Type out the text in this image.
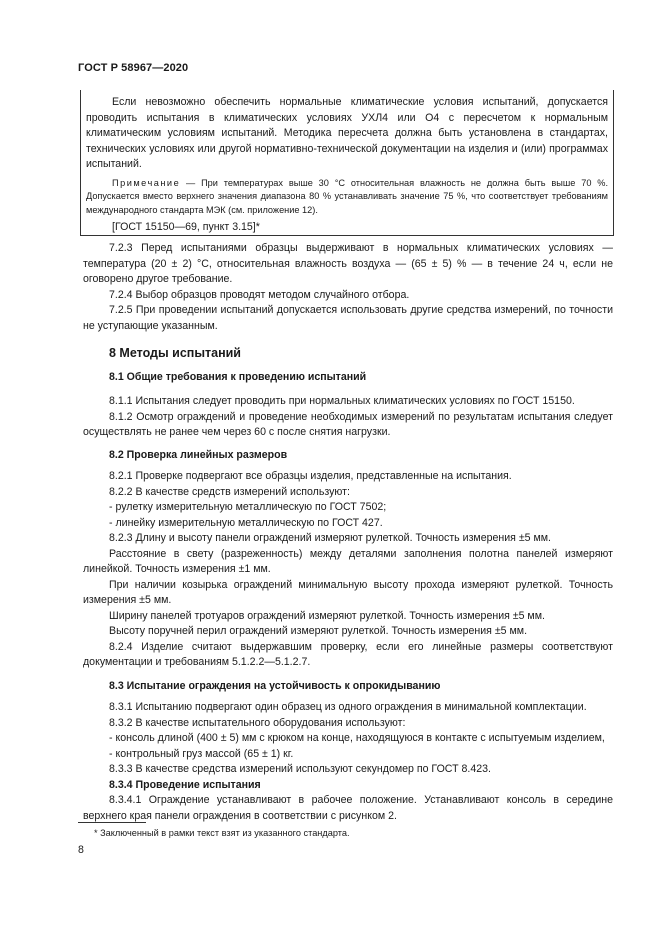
ГОСТ Р 58967—2020

Если невозможно обеспечить нормальные климатические условия испытаний, допускается проводить испытания в климатических условиях УХЛ4 или О4 с пересчетом к нормальным климатическим условиям испытаний. Методика пересчета должна быть установлена в стандартах, технических условиях или другой нормативно-технической документации на изделия и (или) программах испытаний.

Примечание — При температурах выше 30 °С относительная влажность не должна быть выше 70 %. Допускается вместо верхнего значения диапазона 80 % устанавливать значение 75 %, что соответствует требованиям международного стандарта МЭК (см. приложение 12).

[ГОСТ 15150—69, пункт 3.15]*

7.2.3 Перед испытаниями образцы выдерживают в нормальных климатических условиях — температура (20 ± 2) °С, относительная влажность воздуха — (65 ± 5) % — в течение 24 ч, если не оговорено другое требование.

7.2.4 Выбор образцов проводят методом случайного отбора.

7.2.5 При проведении испытаний допускается использовать другие средства измерений, по точности не уступающие указанным.

8 Методы испытаний

8.1 Общие требования к проведению испытаний

8.1.1 Испытания следует проводить при нормальных климатических условиях по ГОСТ 15150.

8.1.2 Осмотр ограждений и проведение необходимых измерений по результатам испытания следует осуществлять не ранее чем через 60 с после снятия нагрузки.

8.2 Проверка линейных размеров

8.2.1 Проверке подвергают все образцы изделия, представленные на испытания.

8.2.2 В качестве средств измерений используют:

- рулетку измерительную металлическую по ГОСТ 7502;

- линейку измерительную металлическую по ГОСТ 427.

8.2.3 Длину и высоту панели ограждений измеряют рулеткой. Точность измерения ±5 мм.

Расстояние в свету (разреженность) между деталями заполнения полотна панелей измеряют линейкой. Точность измерения ±1 мм.

При наличии козырька ограждений минимальную высоту прохода измеряют рулеткой. Точность измерения ±5 мм.

Ширину панелей тротуаров ограждений измеряют рулеткой. Точность измерения ±5 мм.

Высоту поручней перил ограждений измеряют рулеткой. Точность измерения ±5 мм.

8.2.4 Изделие считают выдержавшим проверку, если его линейные размеры соответствуют документации и требованиям 5.1.2.2—5.1.2.7.

8.3 Испытание ограждения на устойчивость к опрокидыванию

8.3.1 Испытанию подвергают один образец из одного ограждения в минимальной комплектации.

8.3.2 В качестве испытательного оборудования используют:

- консоль длиной (400 ± 5) мм с крюком на конце, находящуюся в контакте с испытуемым изделием,

- контрольный груз массой (65 ± 1) кг.

8.3.3 В качестве средства измерений используют секундомер по ГОСТ 8.423.

8.3.4 Проведение испытания

8.3.4.1 Ограждение устанавливают в рабочее положение. Устанавливают консоль в середине верхнего края панели ограждения в соответствии с рисунком 2.

* Заключенный в рамки текст взят из указанного стандарта.
8
